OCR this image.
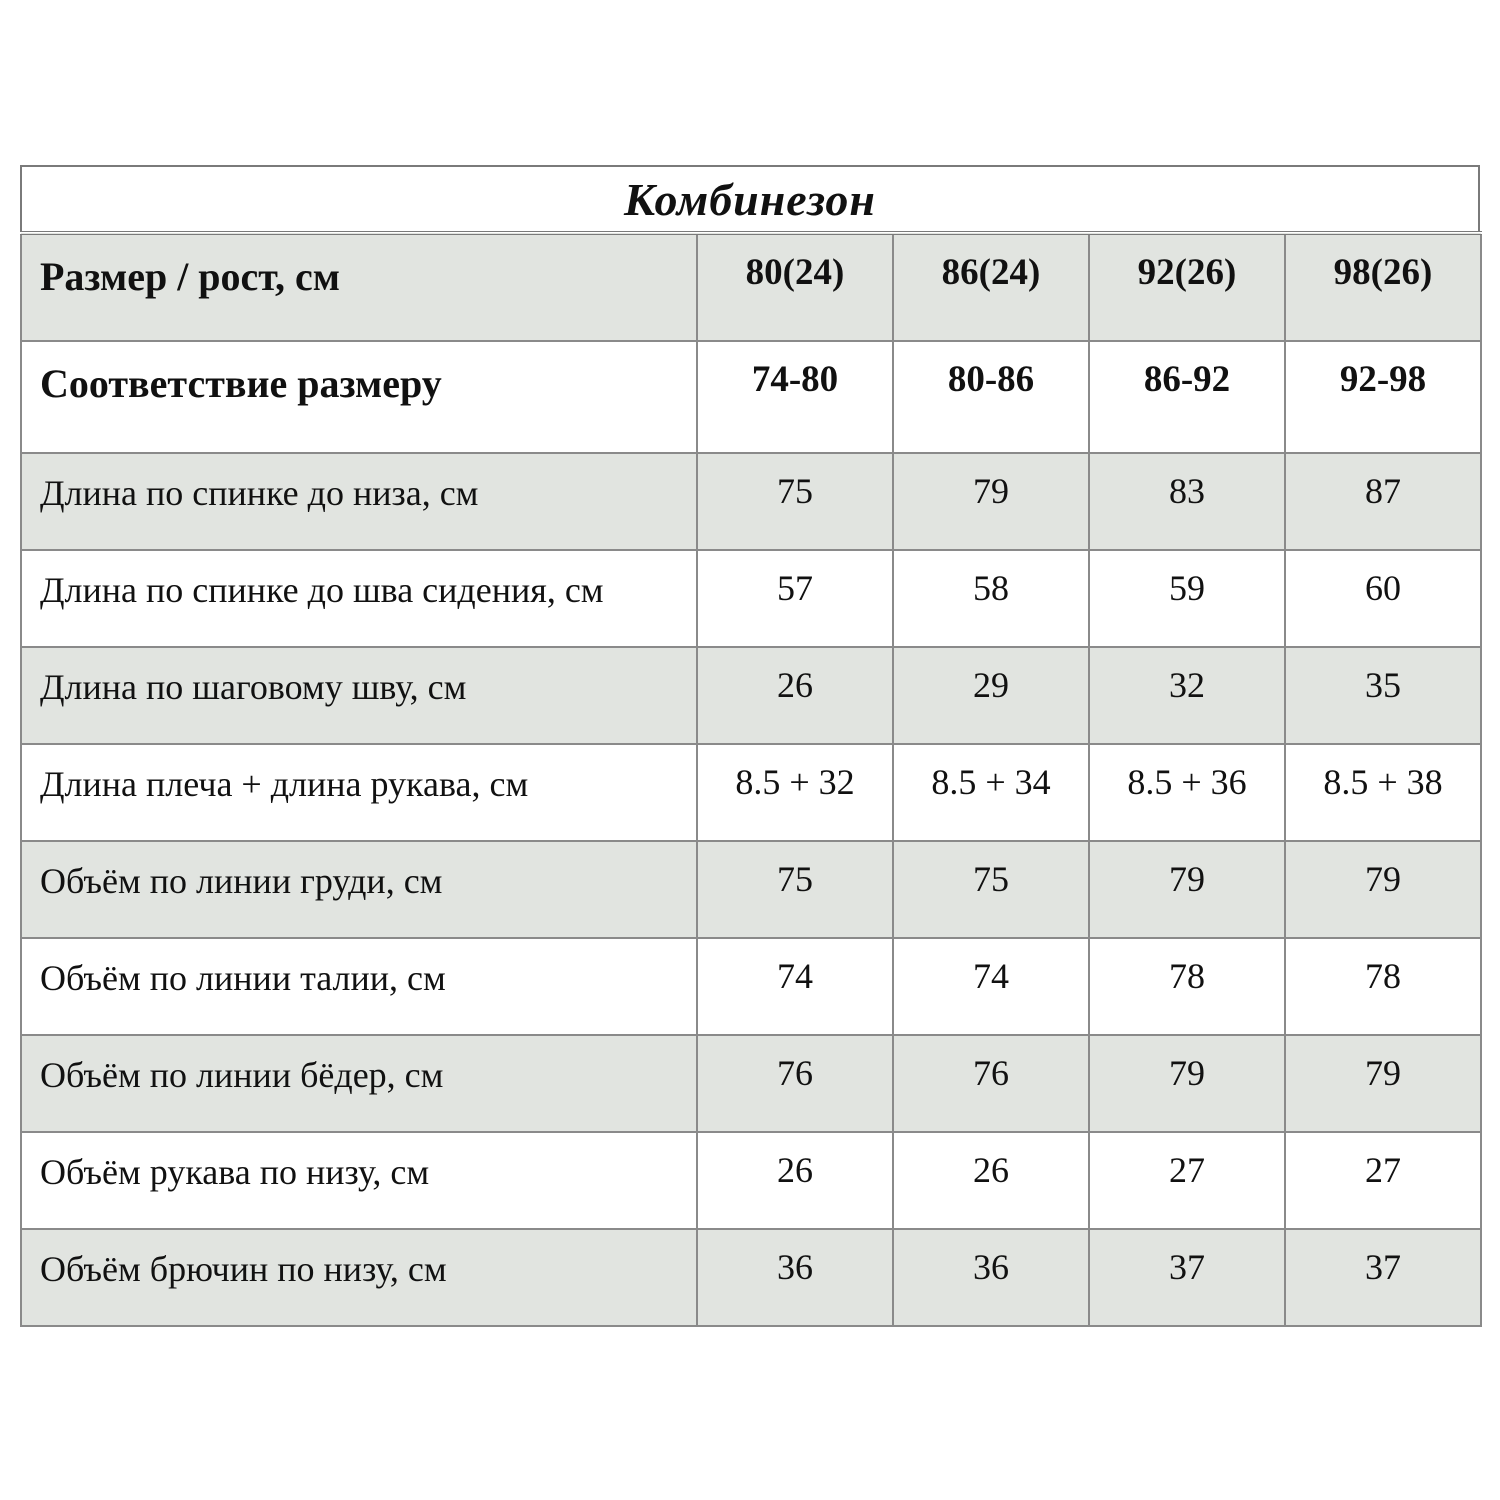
Комбинезон
Размер / рост, см	80(24)	86(24)	92(26)	98(26)

Соответствие размеру	74-80	80-86	86-92	92-98

Длина по спинке до низа, см	75	79	83	87

Длина по спинке до шва сидения, см	57	58	59	60

Длина по шаговому шву, см	26	29	32	35

Длина плеча + длина рукава, см	8.5 + 32	8.5 + 34	8.5 + 36	8.5 + 38

Объём по линии груди, см	75	75	79	79

Объём по линии талии, см	74	74	78	78

Объём по линии бёдер, см	76	76	79	79

Объём рукава по низу, см	26	26	27	27

Объём брючин по низу, см	36	36	37	37
